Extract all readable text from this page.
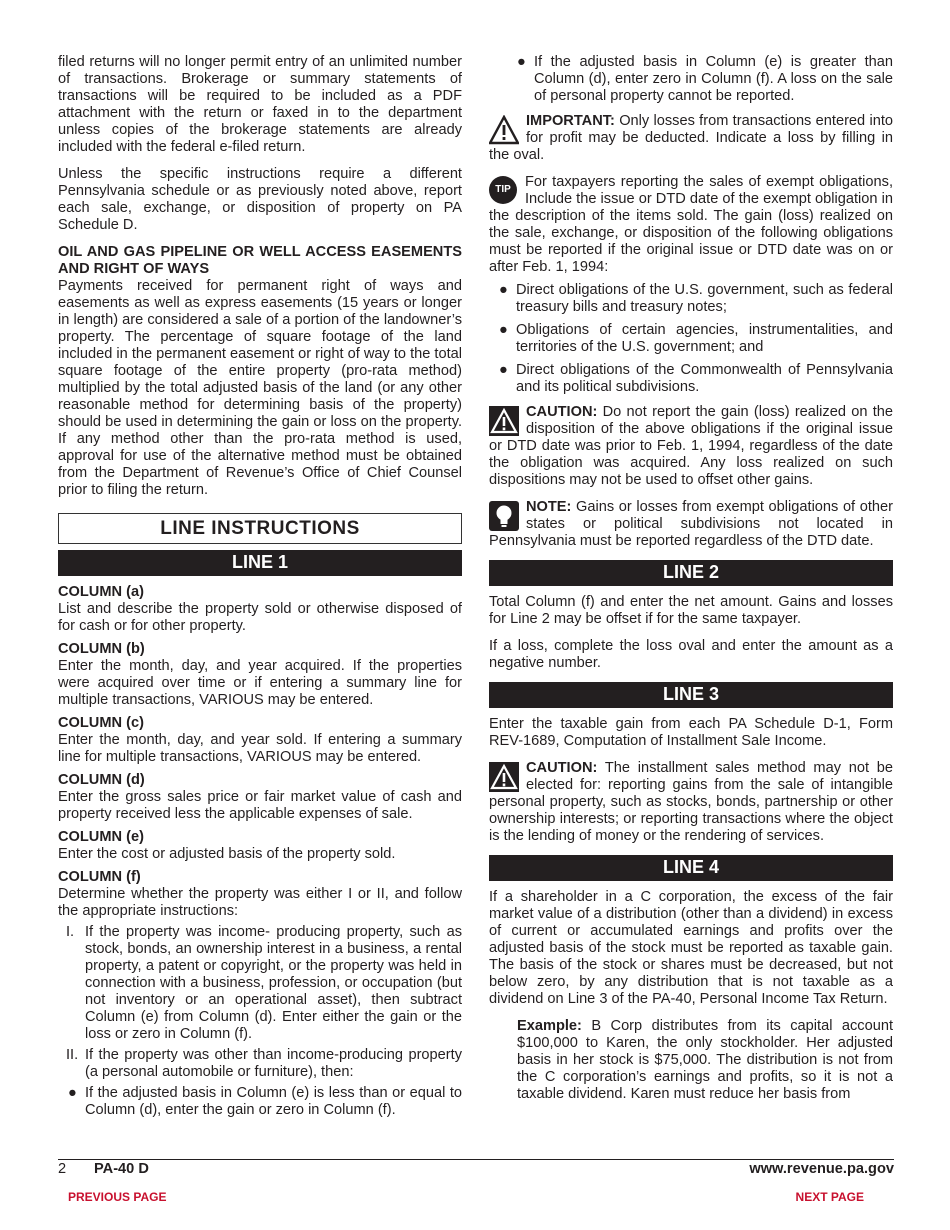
filed returns will no longer permit entry of an unlimited number of transactions. Brokerage or summary statements of transactions will be required to be included as a PDF attachment with the return or faxed in to the department unless copies of the brokerage statements are already included with the federal e-filed return.

Unless the specific instructions require a different Pennsylvania schedule or as previously noted above, report each sale, exchange, or disposition of property on PA Schedule D.

OIL AND GAS PIPELINE OR WELL ACCESS EASEMENTS AND RIGHT OF WAYS

Payments received for permanent right of ways and easements as well as express easements (15 years or longer in length) are considered a sale of a portion of the landowner’s property. The percentage of square footage of the land included in the permanent easement or right of way to the total square footage of the entire property (pro-rata method) multiplied by the total adjusted basis of the land (or any other reasonable method for determining basis of the property) should be used in determining the gain or loss on the property. If any method other than the pro-rata method is used, approval for use of the alternative method must be obtained from the Department of Revenue’s Office of Chief Counsel prior to filing the return.

LINE INSTRUCTIONS
LINE 1
COLUMN (a)

List and describe the property sold or otherwise disposed of for cash or for other property.

COLUMN (b)

Enter the month, day, and year acquired. If the properties were acquired over time or if entering a summary line for multiple transactions, VARIOUS may be entered.

COLUMN (c)

Enter the month, day, and year sold. If entering a summary line for multiple transactions, VARIOUS may be entered.

COLUMN (d)

Enter the gross sales price or fair market value of cash and property received less the applicable expenses of sale.

COLUMN (e)

Enter the cost or adjusted basis of the property sold.

COLUMN (f)

Determine whether the property was either I or II, and follow the appropriate instructions:

I. If the property was income- producing property, such as stock, bonds, an ownership interest in a business, a rental property, a patent or copyright, or the property was held in connection with a business, profession, or occupation (but not inventory or an operational asset), then subtract Column (e) from Column (d). Enter either the gain or the loss or zero in Column (f).
II. If the property was other than income-producing property (a personal automobile or furniture), then:
● If the adjusted basis in Column (e) is less than or equal to Column (d), enter the gain or zero in Column (f).
● If the adjusted basis in Column (e) is greater than Column (d), enter zero in Column (f). A loss on the sale of personal property cannot be reported.
IMPORTANT: Only losses from transactions entered into for profit may be deducted. Indicate a loss by filling in the oval.
TIP For taxpayers reporting the sales of exempt obligations, Include the issue or DTD date of the exempt obligation in the description of the items sold. The gain (loss) realized on the sale, exchange, or disposition of the following obligations must be reported if the original issue or DTD date was on or after Feb. 1, 1994:
● Direct obligations of the U.S. government, such as federal treasury bills and treasury notes;
● Obligations of certain agencies, instrumentalities, and territories of the U.S. government; and
● Direct obligations of the Commonwealth of Pennsylvania and its political subdivisions.
CAUTION: Do not report the gain (loss) realized on the disposition of the above obligations if the original issue or DTD date was prior to Feb. 1, 1994, regardless of the date the obligation was acquired. Any loss realized on such dispositions may not be used to offset other gains.
NOTE: Gains or losses from exempt obligations of other states or political subdivisions not located in Pennsylvania must be reported regardless of the DTD date.
LINE 2

Total Column (f) and enter the net amount. Gains and losses for Line 2 may be offset if for the same taxpayer.

If a loss, complete the loss oval and enter the amount as a negative number.

LINE 3

Enter the taxable gain from each PA Schedule D-1, Form REV-1689, Computation of Installment Sale Income.

CAUTION: The installment sales method may not be elected for: reporting gains from the sale of intangible personal property, such as stocks, bonds, partnership or other ownership interests; or reporting transactions where the object is the lending of money or the rendering of services.
LINE 4

If a shareholder in a C corporation, the excess of the fair market value of a distribution (other than a dividend) in excess of current or accumulated earnings and profits over the adjusted basis of the stock must be reported as taxable gain. The basis of the stock or shares must be decreased, but not below zero, by any distribution that is not taxable as a dividend on Line 3 of the PA-40, Personal Income Tax Return.

Example: B Corp distributes from its capital account $100,000 to Karen, the only stockholder. Her adjusted basis in her stock is $75,000. The distribution is not from the C corporation’s earnings and profits, so it is not a taxable dividend. Karen must reduce her basis from

2 PA-40 D	www.revenue.pa.gov
PREVIOUS PAGE	NEXT PAGE
